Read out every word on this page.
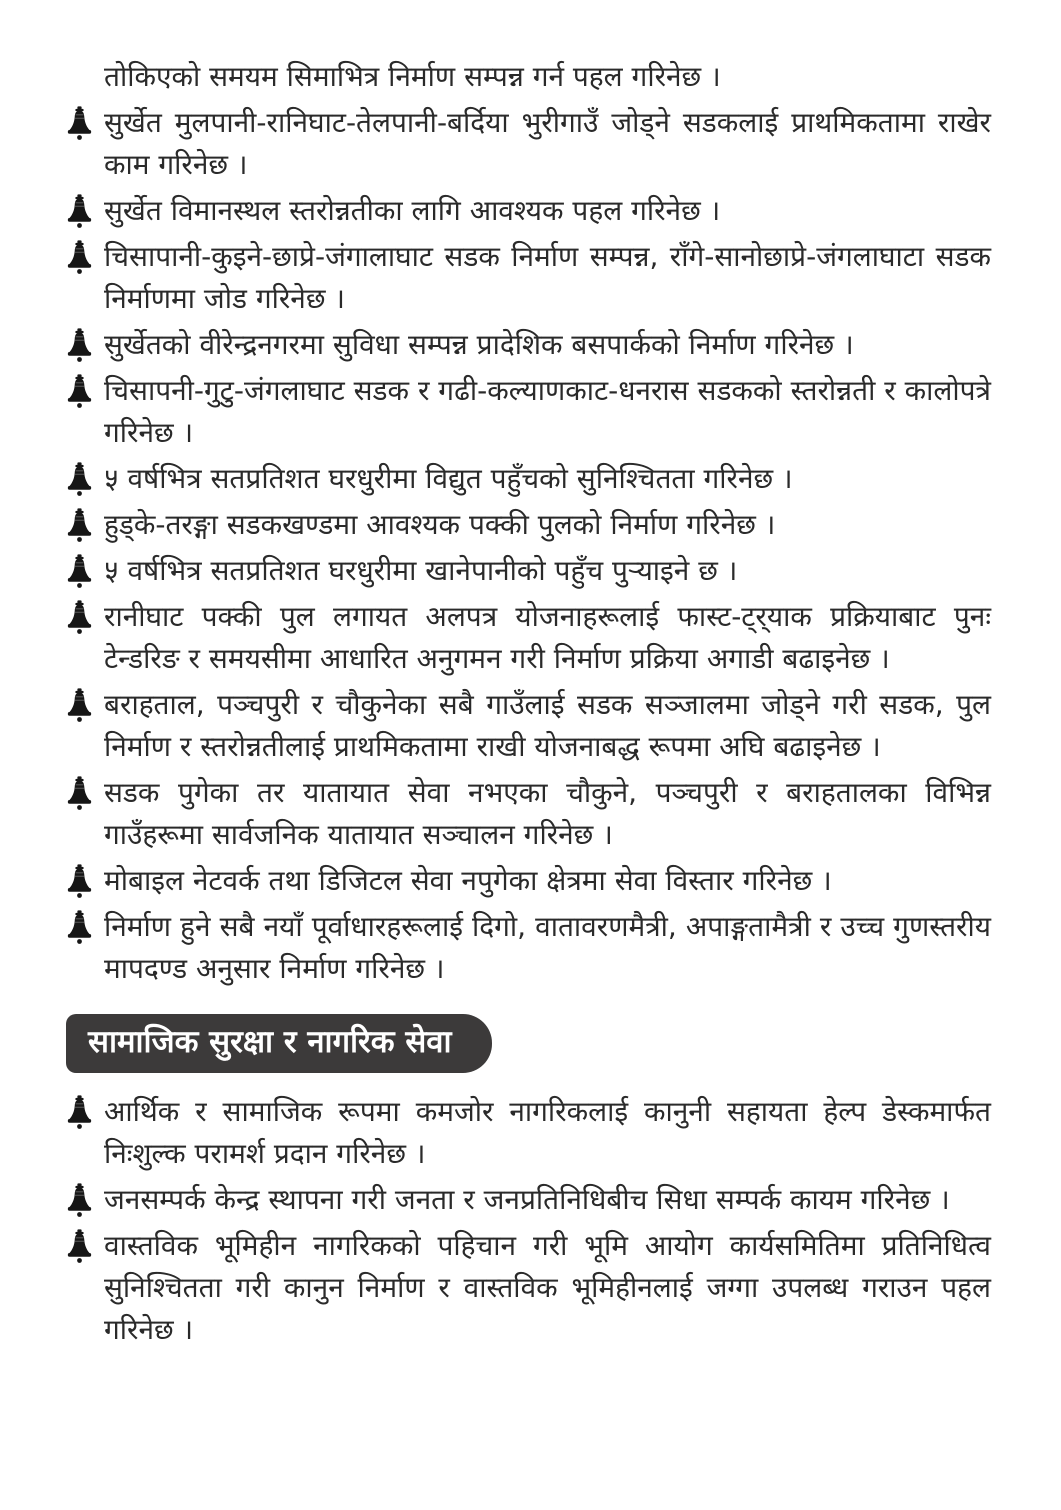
तोकिएको समयम सिमाभित्र निर्माण सम्पन्न गर्न पहल गरिनेछ ।

सुर्खेत मुलपानी-रानिघाट-तेलपानी-बर्दिया भुरीगाउँ जोड्ने सडकलाई प्राथमिकतामा राखेर काम गरिनेछ ।
सुर्खेत विमानस्थल स्तरोन्नतीका लागि आवश्यक पहल गरिनेछ ।
चिसापानी-कुइने-छाप्रे-जंगालाघाट सडक निर्माण सम्पन्न, राँगे-सानोछाप्रे-जंगलाघाटा सडक निर्माणमा जोड गरिनेछ ।
सुर्खेतको वीरेन्द्रनगरमा सुविधा सम्पन्न प्रादेशिक बसपार्कको निर्माण गरिनेछ ।
चिसापनी-गुटु-जंगलाघाट सडक र गढी-कल्याणकाट-धनरास सडकको स्तरोन्नती र कालोपत्रे गरिनेछ ।
५ वर्षभित्र सतप्रतिशत घरधुरीमा विद्युत पहुँचको सुनिश्चितता गरिनेछ ।
हुड्के-तरङ्गा सडकखण्डमा आवश्यक पक्की पुलको निर्माण गरिनेछ ।
५ वर्षभित्र सतप्रतिशत घरधुरीमा खानेपानीको पहुँच पुर्‍याइने छ ।
रानीघाट पक्की पुल लगायत अलपत्र योजनाहरूलाई फास्ट-ट्र्याक प्रक्रियाबाट पुनः टेन्डरिङ र समयसीमा आधारित अनुगमन गरी निर्माण प्रक्रिया अगाडी बढाइनेछ ।
बराहताल, पञ्चपुरी र चौकुनेका सबै गाउँलाई सडक सञ्जालमा जोड्ने गरी सडक, पुल निर्माण र स्तरोन्नतीलाई प्राथमिकतामा राखी योजनाबद्ध रूपमा अघि बढाइनेछ ।
सडक पुगेका तर यातायात सेवा नभएका चौकुने, पञ्चपुरी र बराहतालका विभिन्न गाउँहरूमा सार्वजनिक यातायात सञ्चालन गरिनेछ ।
मोबाइल नेटवर्क तथा डिजिटल सेवा नपुगेका क्षेत्रमा सेवा विस्तार गरिनेछ ।
निर्माण हुने सबै नयाँ पूर्वाधारहरूलाई दिगो, वातावरणमैत्री, अपाङ्गतामैत्री र उच्च गुणस्तरीय मापदण्ड अनुसार निर्माण गरिनेछ ।
सामाजिक सुरक्षा र नागरिक सेवा
आर्थिक र सामाजिक रूपमा कमजोर नागरिकलाई कानुनी सहायता हेल्प डेस्कमार्फत निःशुल्क परामर्श प्रदान गरिनेछ ।
जनसम्पर्क केन्द्र स्थापना गरी जनता र जनप्रतिनिधिबीच सिधा सम्पर्क कायम गरिनेछ ।
वास्तविक भूमिहीन नागरिकको पहिचान गरी भूमि आयोग कार्यसमितिमा प्रतिनिधित्व सुनिश्चितता गरी कानुन निर्माण र वास्तविक भूमिहीनलाई जग्गा उपलब्ध गराउन पहल गरिनेछ ।
